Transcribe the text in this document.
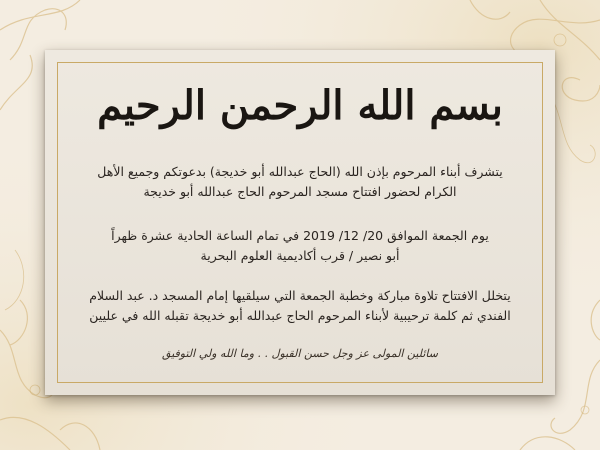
بسم الله الرحمن الرحيم
يتشرف أبناء المرحوم بإذن الله (الحاج عبدالله أبو خديجة) بدعوتكم وجميع الأهل
الكرام لحضور افتتاح مسجد المرحوم الحاج عبدالله أبو خديجة
يوم الجمعة الموافق 20/ 12/ 2019 في تمام الساعة الحادية عشرة ظهراً
أبو نصير / قرب أكاديمية العلوم البحرية
يتخلل الافتتاح تلاوة مباركة وخطبة الجمعة التي سيلقيها إمام المسجد د. عبد السلام
الفندي ثم كلمة ترحيبية لأبناء المرحوم الحاج عبدالله أبو خديجة تقبله الله في عليين
سائلين المولى عز وجل حسن القبول . . وما الله ولي التوفيق
